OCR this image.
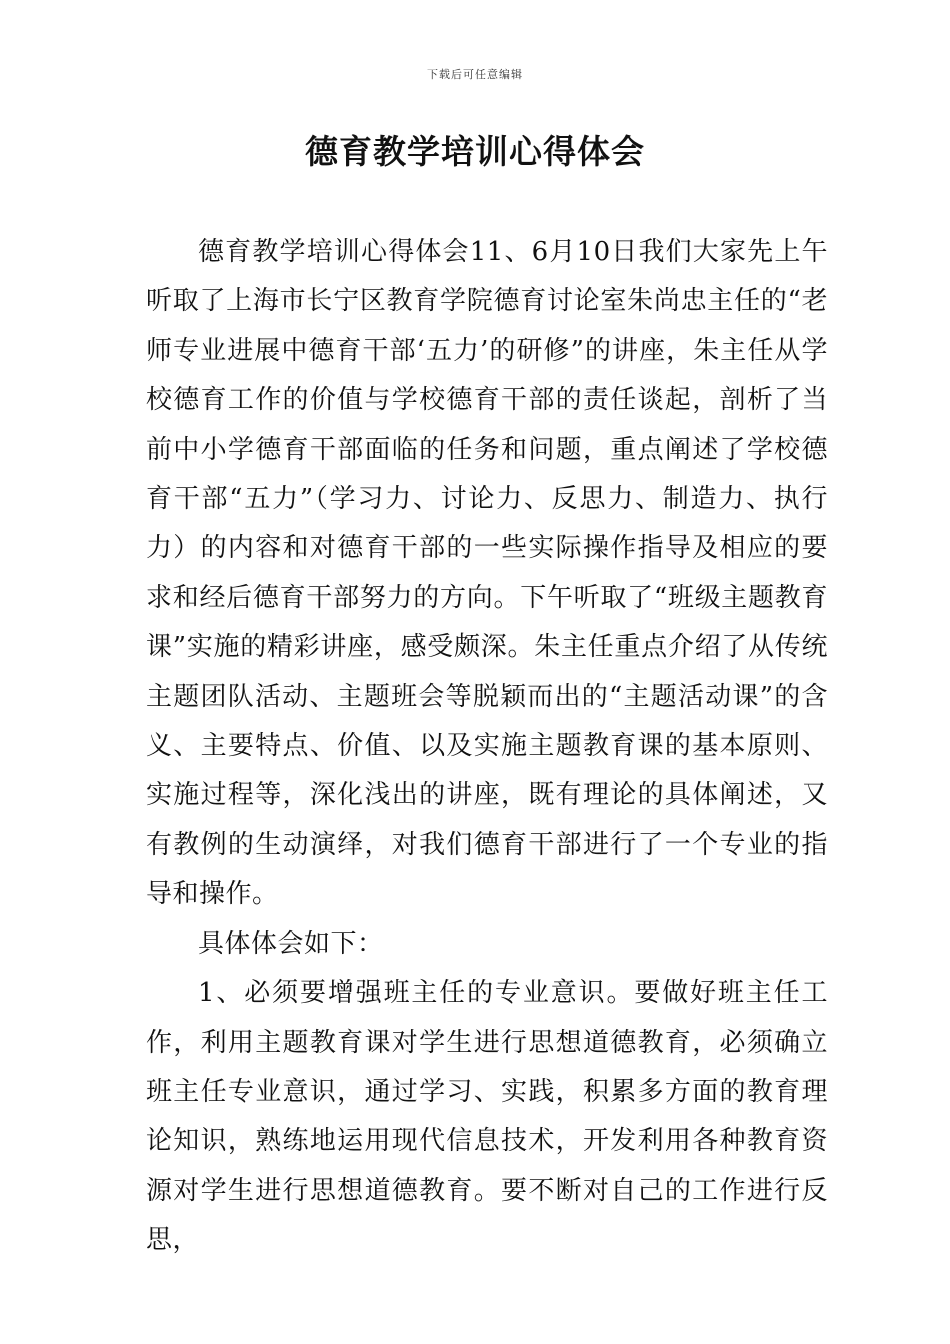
下载后可任意编辑
德育教学培训心得体会

德育教学培训心得体会11、6月10日我们大家先上午听取了上海市长宁区教育学院德育讨论室朱尚忠主任的“老师专业进展中德育干部‘五力’的研修”的讲座，朱主任从学校德育工作的价值与学校德育干部的责任谈起，剖析了当前中小学德育干部面临的任务和问题，重点阐述了学校德育干部“五力”（学习力、讨论力、反思力、制造力、执行力）的内容和对德育干部的一些实际操作指导及相应的要求和经后德育干部努力的方向。下午听取了“班级主题教育课”实施的精彩讲座，感受颇深。朱主任重点介绍了从传统主题团队活动、主题班会等脱颖而出的“主题活动课”的含义、主要特点、价值、以及实施主题教育课的基本原则、实施过程等，深化浅出的讲座，既有理论的具体阐述，又有教例的生动演绎，对我们德育干部进行了一个专业的指导和操作。

具体体会如下：

1、必须要增强班主任的专业意识。要做好班主任工作，利用主题教育课对学生进行思想道德教育，必须确立班主任专业意识，通过学习、实践，积累多方面的教育理论知识，熟练地运用现代信息技术，开发利用各种教育资源对学生进行思想道德教育。要不断对自己的工作进行反思，
